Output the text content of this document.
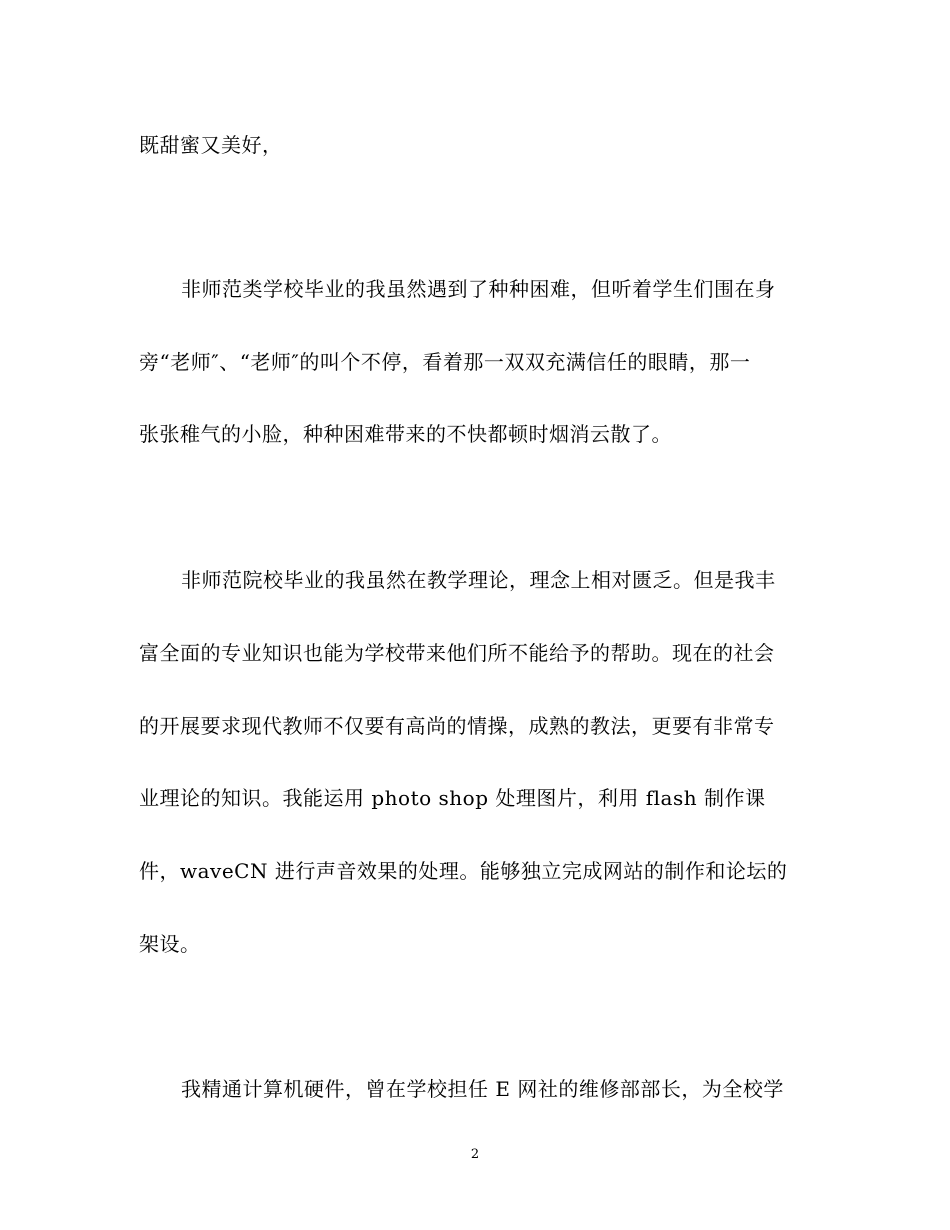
既甜蜜又美好，
非师范类学校毕业的我虽然遇到了种种困难，但听着学生们围在身
旁“老师″、“老师″的叫个不停，看着那一双双充满信任的眼睛，那一
张张稚气的小脸，种种困难带来的不快都顿时烟消云散了。
非师范院校毕业的我虽然在教学理论，理念上相对匮乏。但是我丰
富全面的专业知识也能为学校带来他们所不能给予的帮助。现在的社会
的开展要求现代教师不仅要有高尚的情操，成熟的教法，更要有非常专
业理论的知识。我能运用 photo shop 处理图片，利用 flash 制作课
件，waveCN 进行声音效果的处理。能够独立完成网站的制作和论坛的
架设。
我精通计算机硬件，曾在学校担任 E 网社的维修部部长，为全校学
2
